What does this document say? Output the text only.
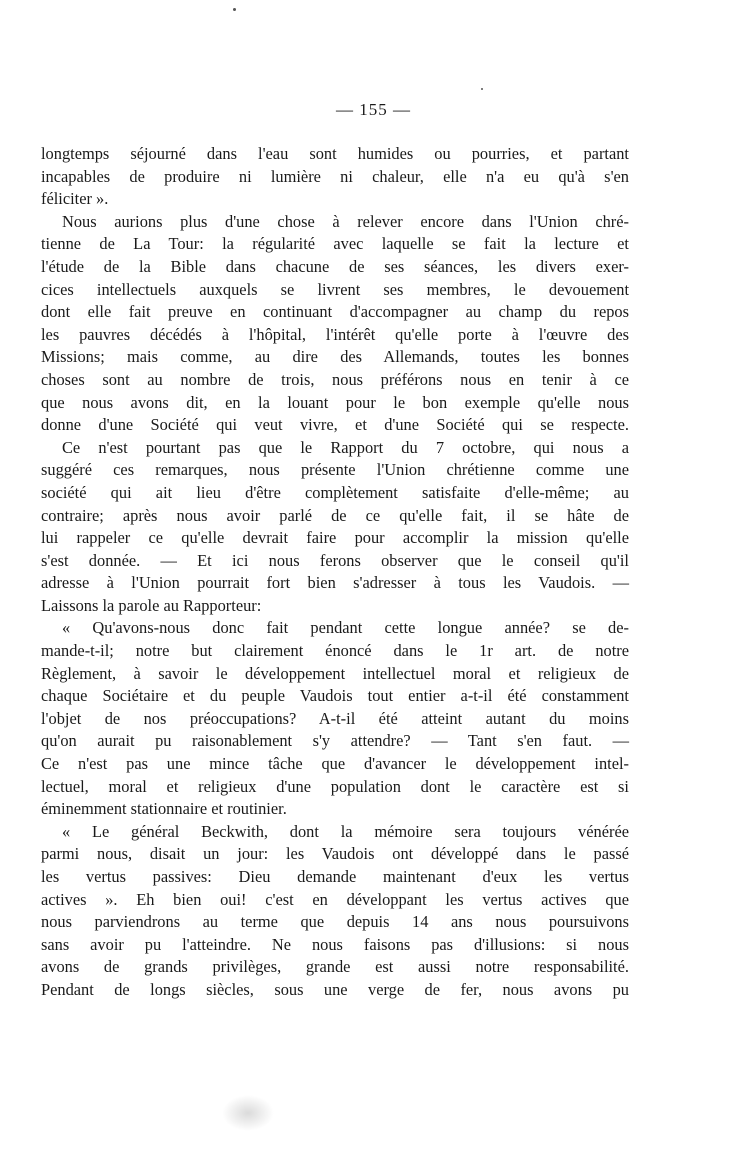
— 155 —
longtemps séjourné dans l'eau sont humides ou pourries, et partant
incapables de produire ni lumière ni chaleur, elle n'a eu qu'à s'en
féliciter ».
Nous aurions plus d'une chose à relever encore dans l'Union chré-
tienne de La Tour: la régularité avec laquelle se fait la lecture et
l'étude de la Bible dans chacune de ses séances, les divers exer-
cices intellectuels auxquels se livrent ses membres, le devouement
dont elle fait preuve en continuant d'accompagner au champ du repos
les pauvres décédés à l'hôpital, l'intérêt qu'elle porte à l'œuvre des
Missions; mais comme, au dire des Allemands, toutes les bonnes
choses sont au nombre de trois, nous préférons nous en tenir à ce
que nous avons dit, en la louant pour le bon exemple qu'elle nous
donne d'une Société qui veut vivre, et d'une Société qui se respecte.
Ce n'est pourtant pas que le Rapport du 7 octobre, qui nous a
suggéré ces remarques, nous présente l'Union chrétienne comme une
société qui ait lieu d'être complètement satisfaite d'elle-même; au
contraire; après nous avoir parlé de ce qu'elle fait, il se hâte de
lui rappeler ce qu'elle devrait faire pour accomplir la mission qu'elle
s'est donnée. — Et ici nous ferons observer que le conseil qu'il
adresse à l'Union pourrait fort bien s'adresser à tous les Vaudois. —
Laissons la parole au Rapporteur:
« Qu'avons-nous donc fait pendant cette longue année? se de-
mande-t-il; notre but clairement énoncé dans le 1r art. de notre
Règlement, à savoir le développement intellectuel moral et religieux de
chaque Sociétaire et du peuple Vaudois tout entier a-t-il été constamment
l'objet de nos préoccupations? A-t-il été atteint autant du moins
qu'on aurait pu raisonablement s'y attendre? — Tant s'en faut. —
Ce n'est pas une mince tâche que d'avancer le développement intel-
lectuel, moral et religieux d'une population dont le caractère est si
éminemment stationnaire et routinier.
« Le général Beckwith, dont la mémoire sera toujours vénérée
parmi nous, disait un jour: les Vaudois ont développé dans le passé
les vertus passives: Dieu demande maintenant d'eux les vertus
actives ». Eh bien oui! c'est en développant les vertus actives que
nous parviendrons au terme que depuis 14 ans nous poursuivons
sans avoir pu l'atteindre. Ne nous faisons pas d'illusions: si nous
avons de grands privilèges, grande est aussi notre responsabilité.
Pendant de longs siècles, sous une verge de fer, nous avons pu
